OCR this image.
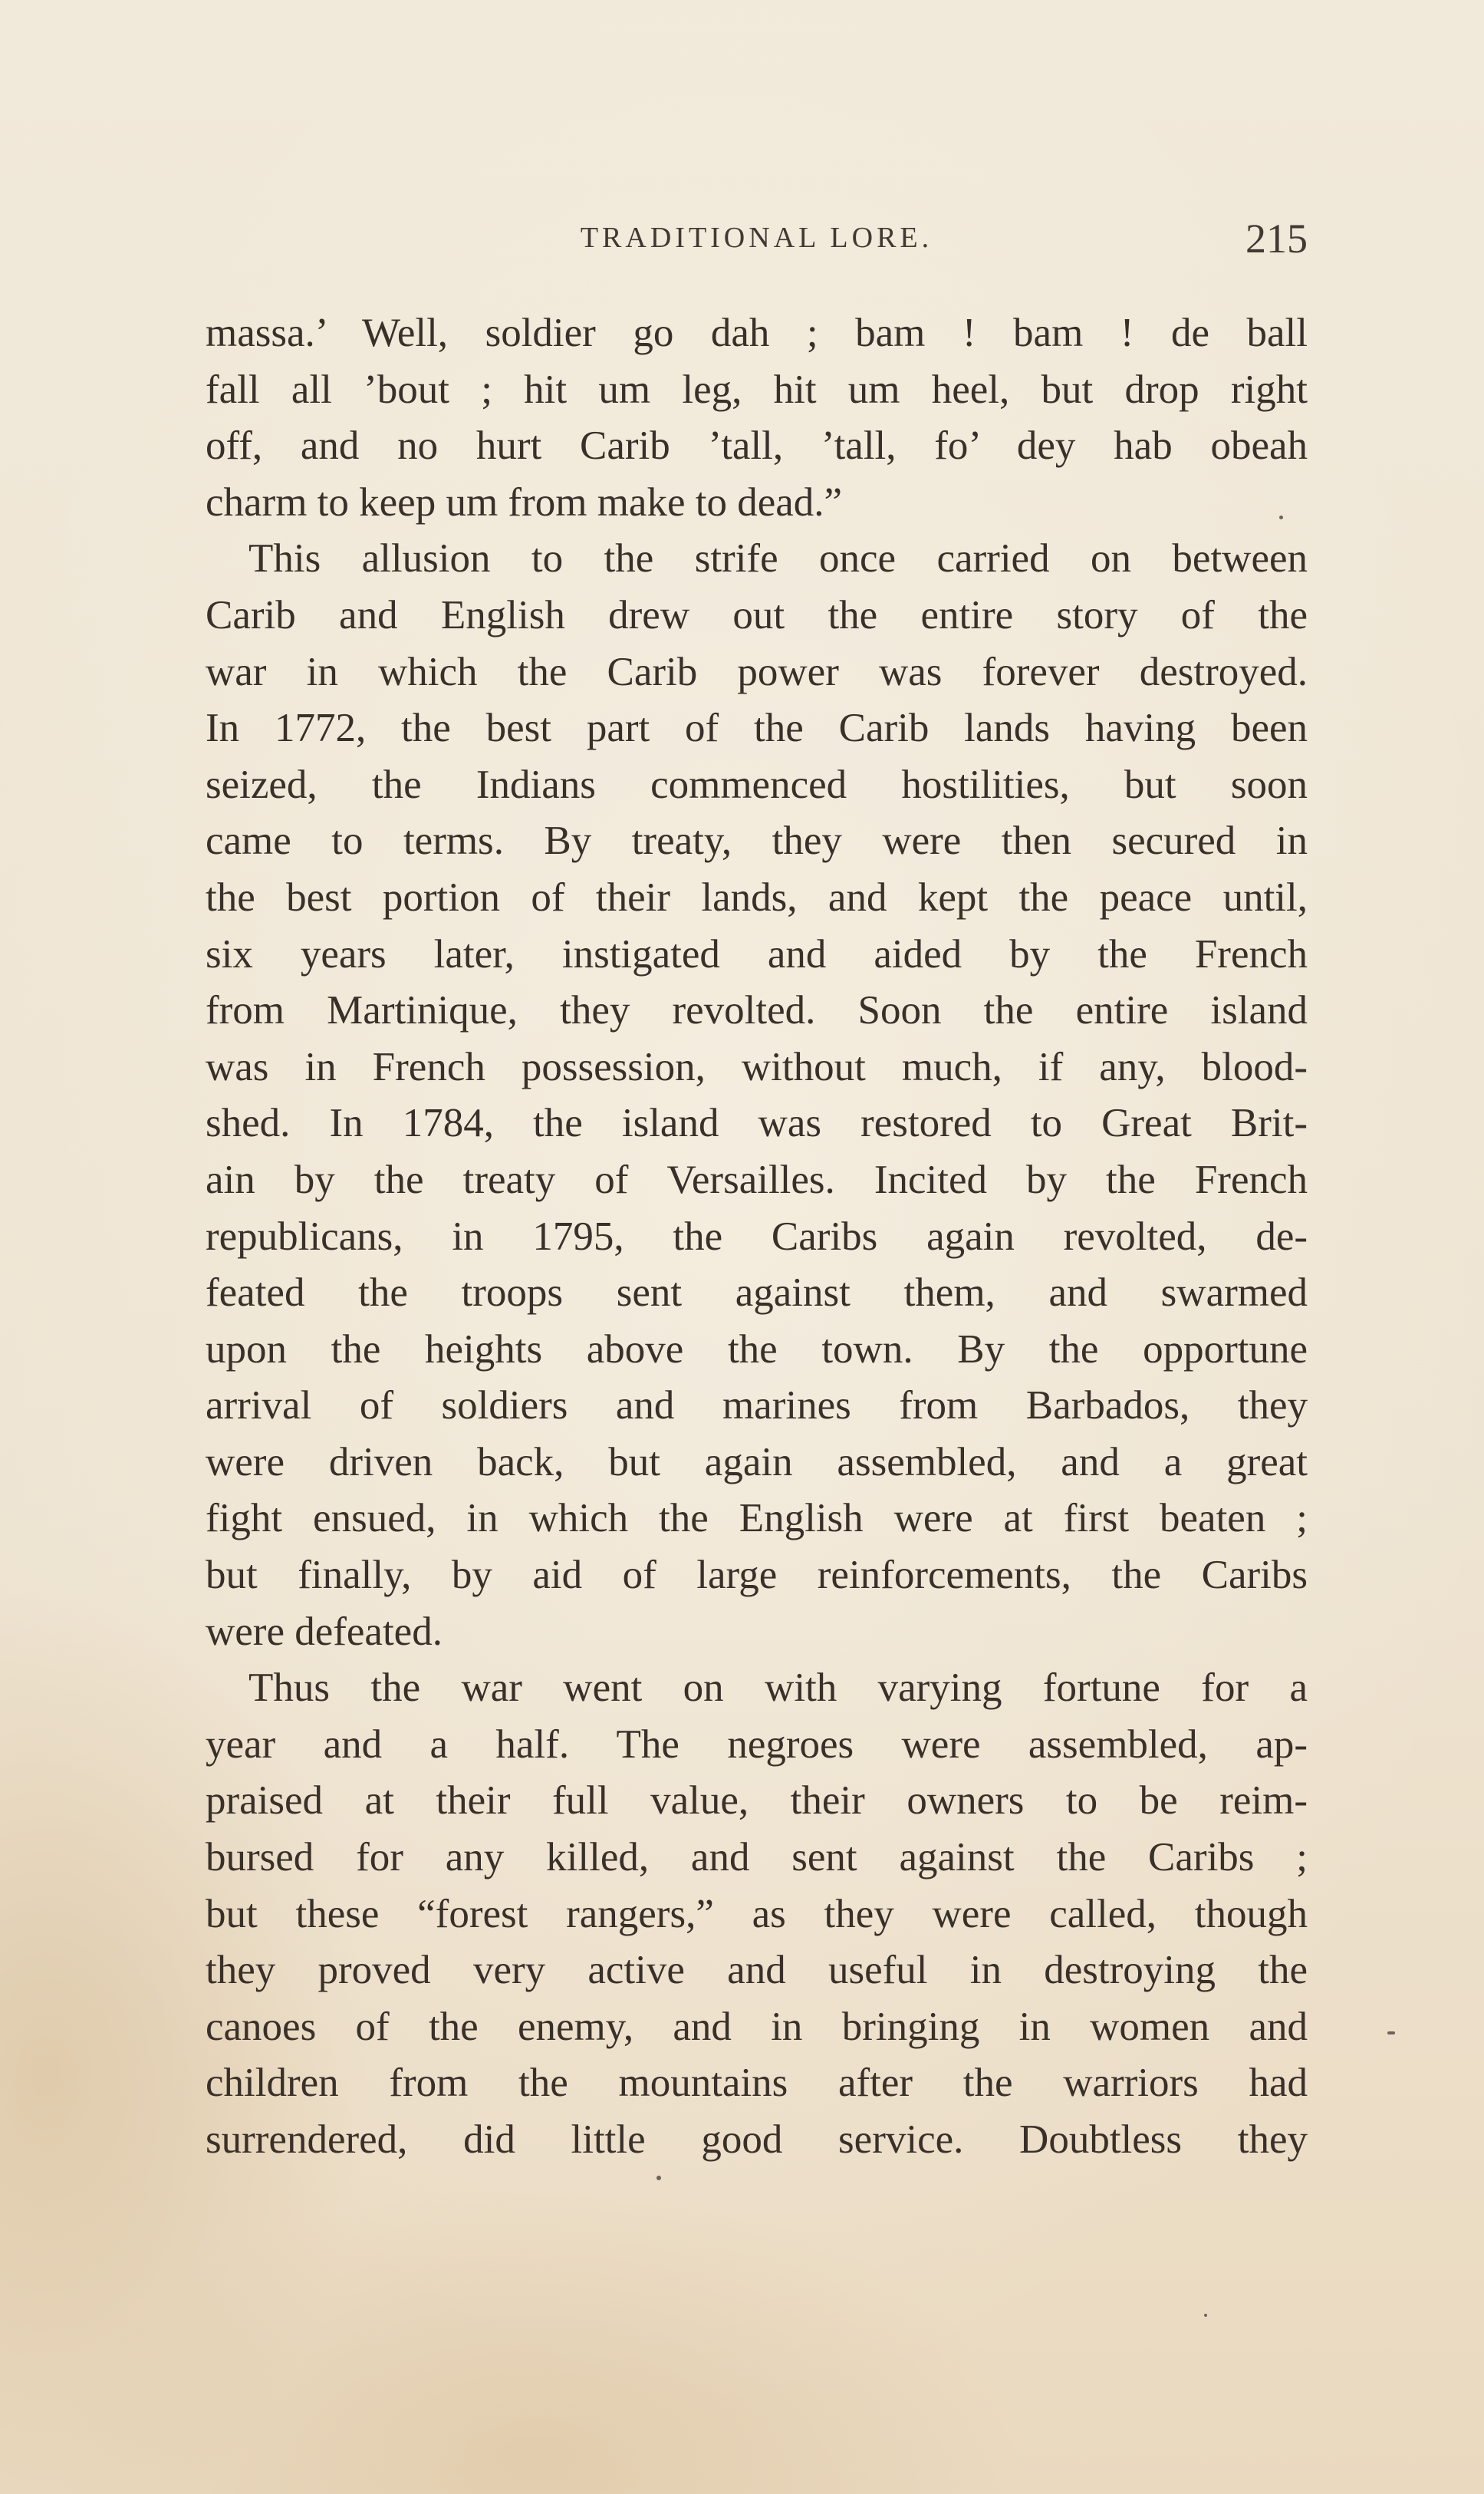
TRADITIONAL LORE.	215
massa.’ Well, soldier go dah ; bam ! bam ! de ball
fall all ’bout ; hit um leg, hit um heel, but drop right
off, and no hurt Carib ’tall, ’tall, fo’ dey hab obeah
charm to keep um from make to dead.”
This allusion to the strife once carried on between
Carib and English drew out the entire story of the
war in which the Carib power was forever destroyed.
In 1772, the best part of the Carib lands having been
seized, the Indians commenced hostilities, but soon
came to terms. By treaty, they were then secured in
the best portion of their lands, and kept the peace until,
six years later, instigated and aided by the French
from Martinique, they revolted. Soon the entire island
was in French possession, without much, if any, blood-
shed. In 1784, the island was restored to Great Brit-
ain by the treaty of Versailles. Incited by the French
republicans, in 1795, the Caribs again revolted, de-
feated the troops sent against them, and swarmed
upon the heights above the town. By the opportune
arrival of soldiers and marines from Barbados, they
were driven back, but again assembled, and a great
fight ensued, in which the English were at first beaten ;
but finally, by aid of large reinforcements, the Caribs
were defeated.
Thus the war went on with varying fortune for a
year and a half. The negroes were assembled, ap-
praised at their full value, their owners to be reim-
bursed for any killed, and sent against the Caribs ;
but these “forest rangers,” as they were called, though
they proved very active and useful in destroying the
canoes of the enemy, and in bringing in women and
children from the mountains after the warriors had
surrendered, did little good service. Doubtless they
